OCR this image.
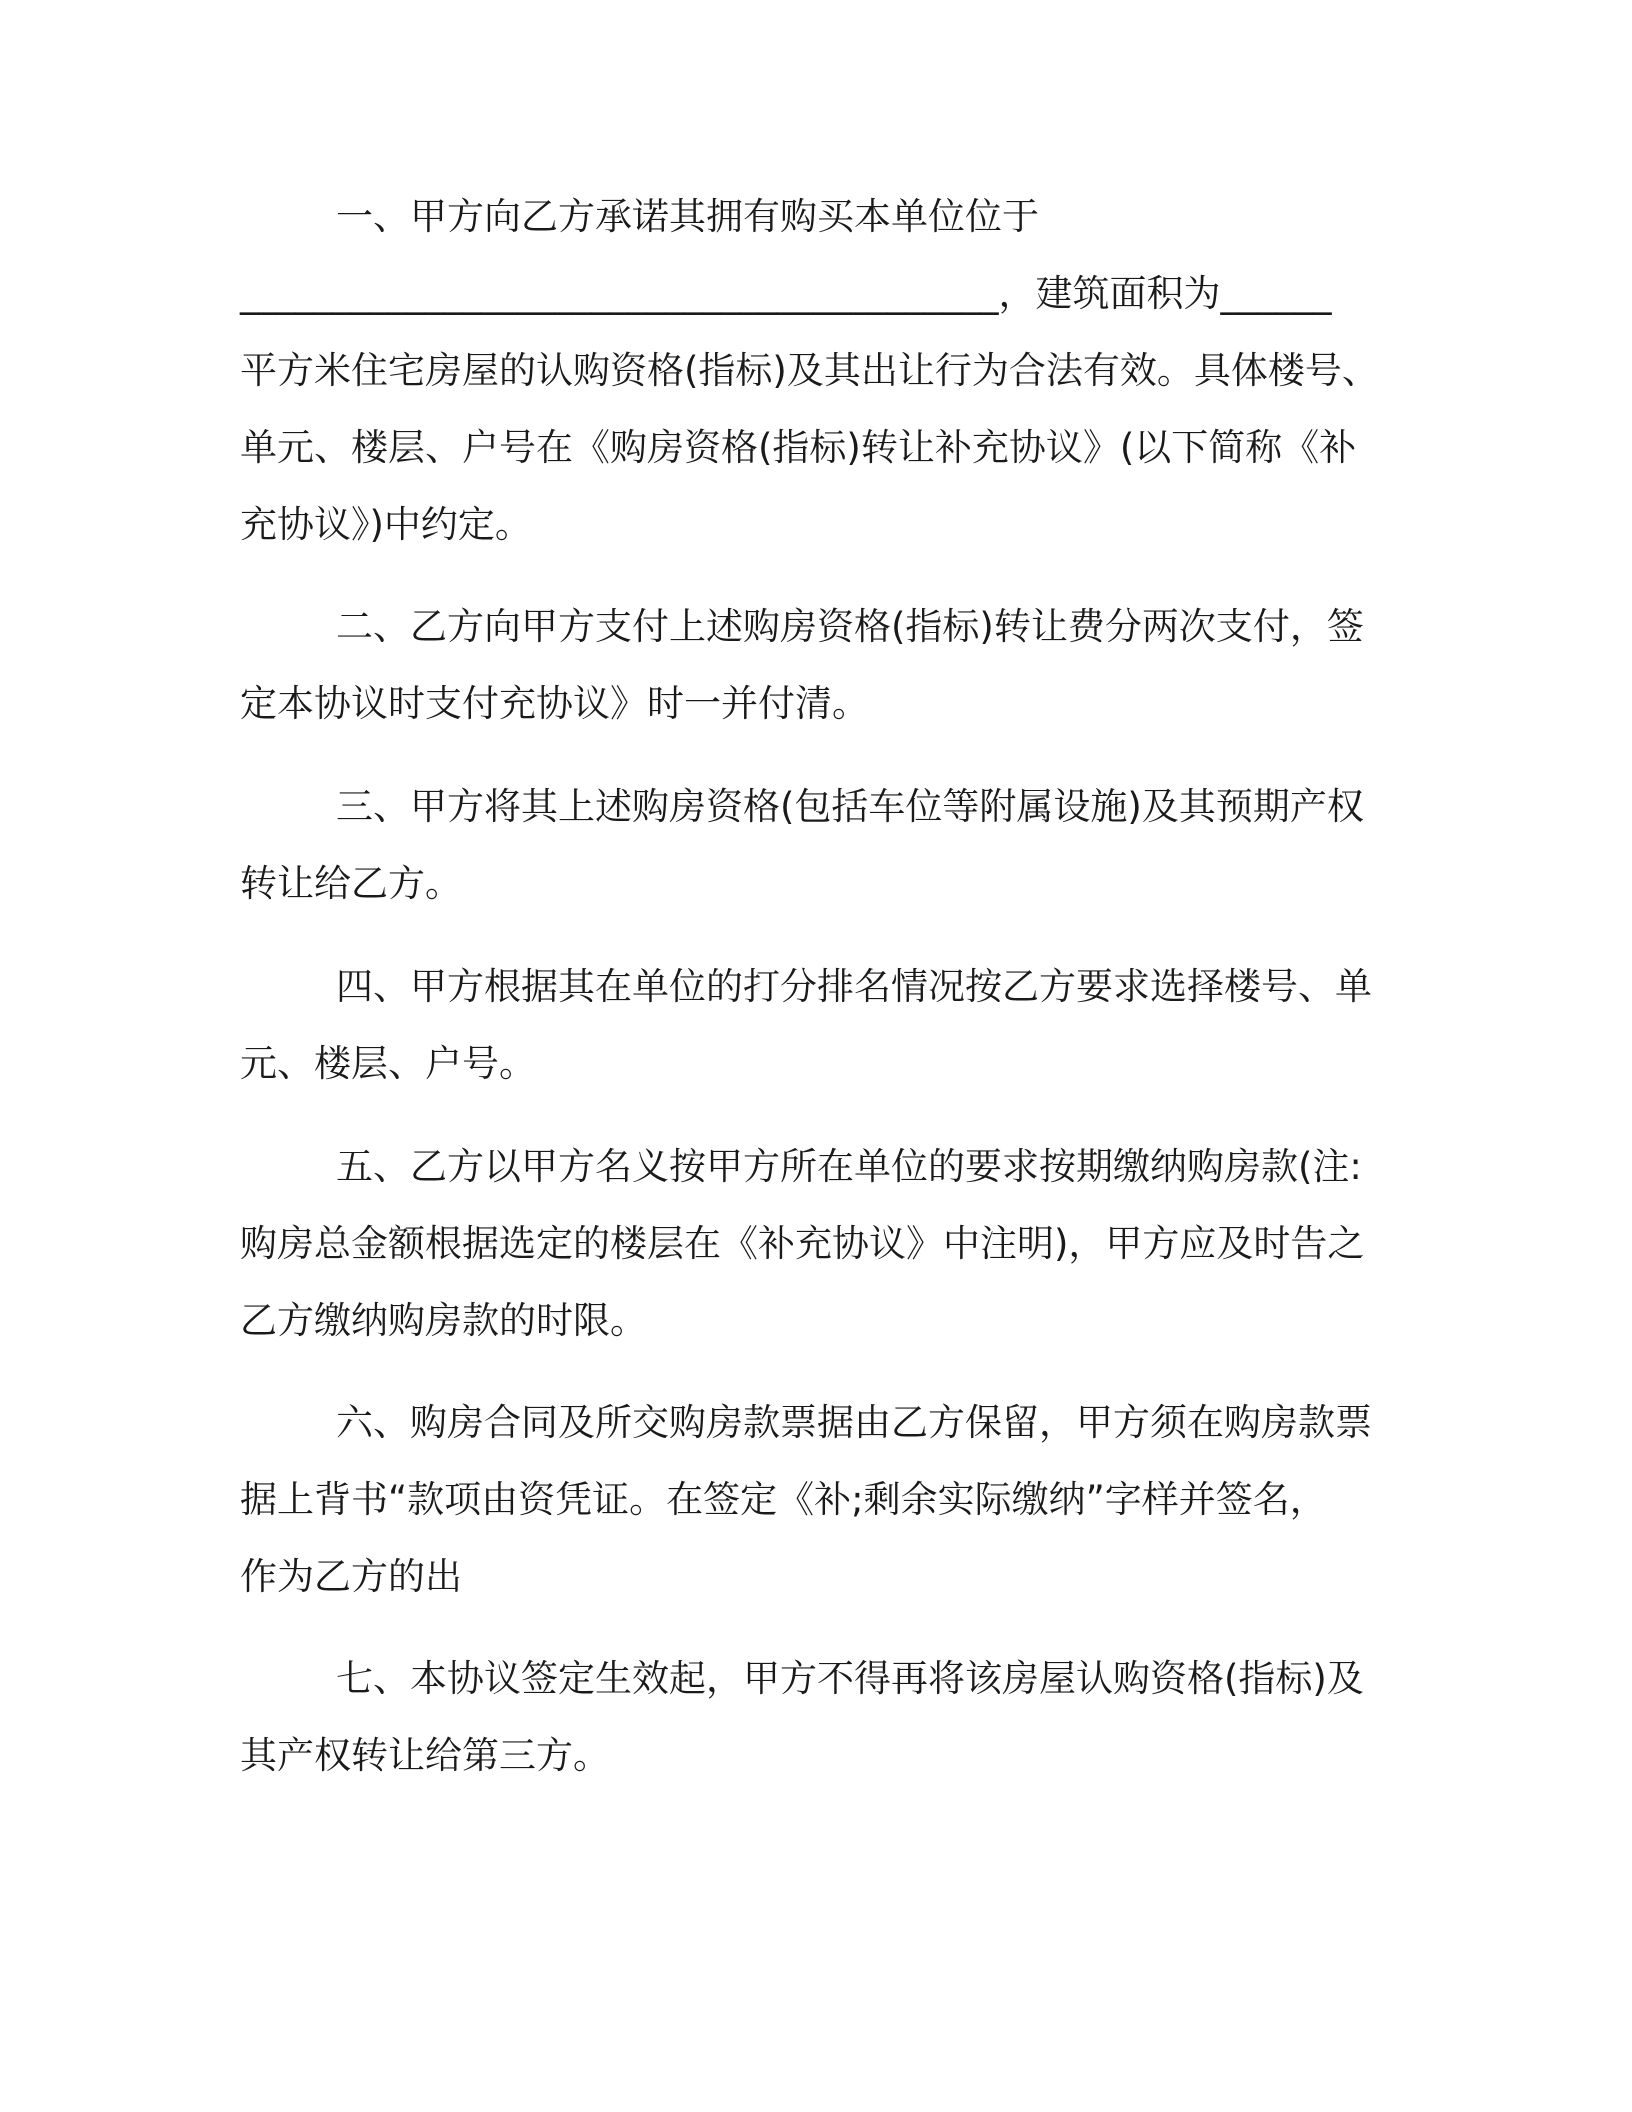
一、甲方向乙方承诺其拥有购买本单位位于
_________________________________________，建筑面积为______
平方米住宅房屋的认购资格(指标)及其出让行为合法有效。具体楼号、
单元、楼层、户号在《购房资格(指标)转让补充协议》(以下简称《补
充协议》)中约定。
二、乙方向甲方支付上述购房资格(指标)转让费分两次支付，签
定本协议时支付充协议》时一并付清。
三、甲方将其上述购房资格(包括车位等附属设施)及其预期产权
转让给乙方。
四、甲方根据其在单位的打分排名情况按乙方要求选择楼号、单
元、楼层、户号。
五、乙方以甲方名义按甲方所在单位的要求按期缴纳购房款(注:
购房总金额根据选定的楼层在《补充协议》中注明)，甲方应及时告之
乙方缴纳购房款的时限。
六、购房合同及所交购房款票据由乙方保留，甲方须在购房款票
据上背书“款项由资凭证。在签定《补;剩余实际缴纳”字样并签名，
作为乙方的出
七、本协议签定生效起，甲方不得再将该房屋认购资格(指标)及
其产权转让给第三方。
